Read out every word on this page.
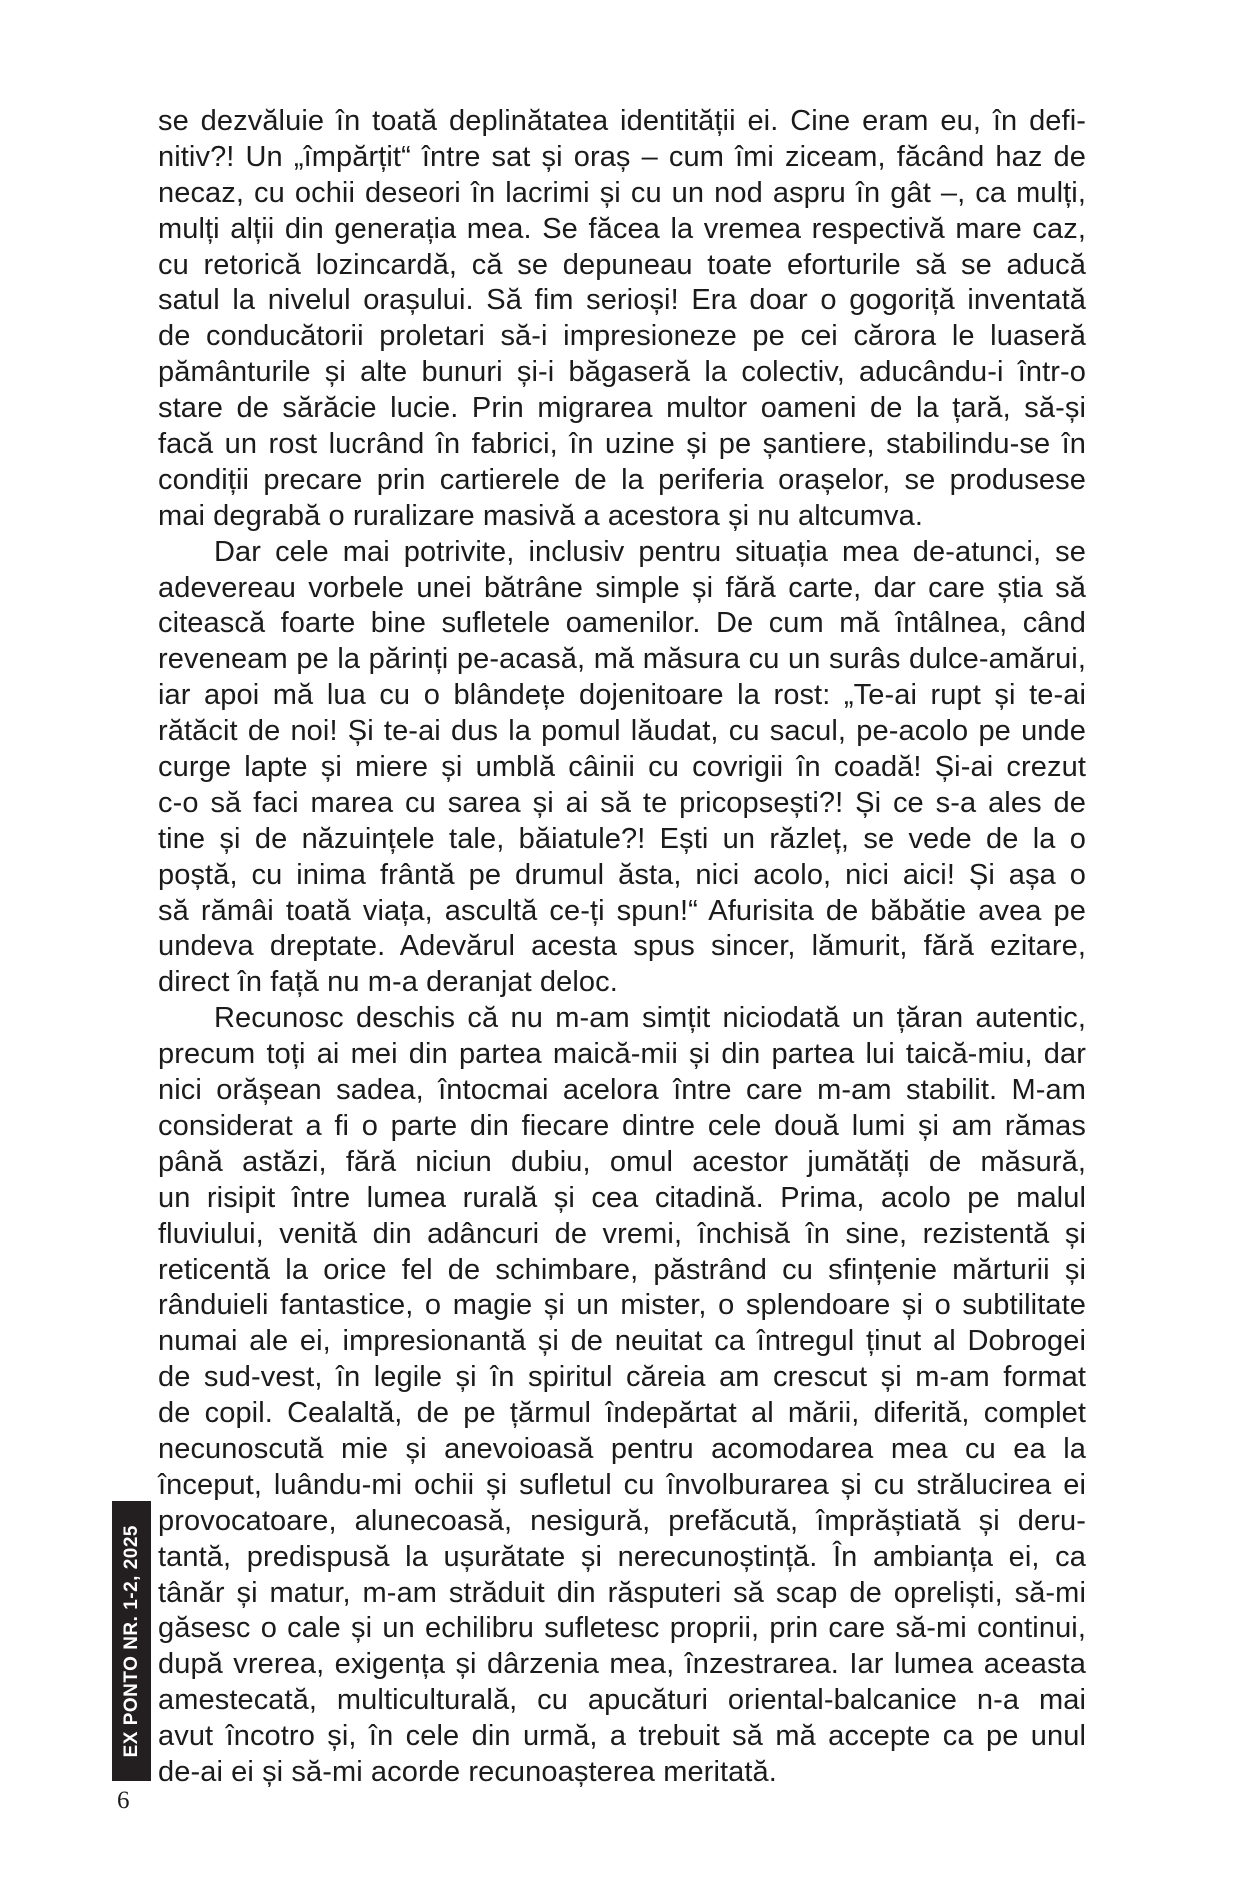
se dezvăluie în toată deplinătatea identității ei. Cine eram eu, în defi-
nitiv?! Un „împărțit“ între sat și oraș – cum îmi ziceam, făcând haz de
necaz, cu ochii deseori în lacrimi și cu un nod aspru în gât –, ca mulți,
mulți alții din generația mea. Se făcea la vremea respectivă mare caz,
cu retorică lozincardă, că se depuneau toate eforturile să se aducă
satul la nivelul orașului. Să fim serioși! Era doar o gogoriță inventată
de conducătorii proletari să-i impresioneze pe cei cărora le luaseră
pământurile și alte bunuri și-i băgaseră la colectiv, aducându-i într-o
stare de sărăcie lucie. Prin migrarea multor oameni de la țară, să-și
facă un rost lucrând în fabrici, în uzine și pe șantiere, stabilindu-se în
condiții precare prin cartierele de la periferia orașelor, se produsese
mai degrabă o ruralizare masivă a acestora și nu altcumva.
Dar cele mai potrivite, inclusiv pentru situația mea de-atunci, se
adevereau vorbele unei bătrâne simple și fără carte, dar care știa să
citească foarte bine sufletele oamenilor. De cum mă întâlnea, când
reveneam pe la părinți pe-acasă, mă măsura cu un surâs dulce-amărui,
iar apoi mă lua cu o blândețe dojenitoare la rost: „Te-ai rupt și te-ai
rătăcit de noi! Și te-ai dus la pomul lăudat, cu sacul, pe-acolo pe unde
curge lapte și miere și umblă câinii cu covrigii în coadă! Și-ai crezut
c-o să faci marea cu sarea și ai să te pricopsești?! Și ce s-a ales de
tine și de năzuințele tale, băiatule?! Ești un răzleț, se vede de la o
poștă, cu inima frântă pe drumul ăsta, nici acolo, nici aici! Și așa o
să rămâi toată viața, ascultă ce-ți spun!“ Afurisita de băbătie avea pe
undeva dreptate. Adevărul acesta spus sincer, lămurit, fără ezitare,
direct în față nu m-a deranjat deloc.
Recunosc deschis că nu m-am simțit niciodată un țăran autentic,
precum toți ai mei din partea maică-mii și din partea lui taică-miu, dar
nici orășean sadea, întocmai acelora între care m-am stabilit. M-am
considerat a fi o parte din fiecare dintre cele două lumi și am rămas
până astăzi, fără niciun dubiu, omul acestor jumătăți de măsură,
un risipit între lumea rurală și cea citadină. Prima, acolo pe malul
fluviului, venită din adâncuri de vremi, închisă în sine, rezistentă și
reticentă la orice fel de schimbare, păstrând cu sfințenie mărturii și
rânduieli fantastice, o magie și un mister, o splendoare și o subtilitate
numai ale ei, impresionantă și de neuitat ca întregul ținut al Dobrogei
de sud-vest, în legile și în spiritul căreia am crescut și m-am format
de copil. Cealaltă, de pe țărmul îndepărtat al mării, diferită, complet
necunoscută mie și anevoioasă pentru acomodarea mea cu ea la
început, luându-mi ochii și sufletul cu învolburarea și cu strălucirea ei
provocatoare, alunecoasă, nesigură, prefăcută, împrăștiată și deru-
tantă, predispusă la ușurătate și nerecunoștință. În ambianța ei, ca
tânăr și matur, m-am străduit din răsputeri să scap de opreliști, să-mi
găsesc o cale și un echilibru sufletesc proprii, prin care să-mi continui,
după vrerea, exigența și dârzenia mea, înzestrarea. Iar lumea aceasta
amestecată, multiculturală, cu apucături oriental-balcanice n-a mai
avut încotro și, în cele din urmă, a trebuit să mă accepte ca pe unul
de-ai ei și să-mi acorde recunoașterea meritată.
EX PONTO NR. 1-2, 2025
6
